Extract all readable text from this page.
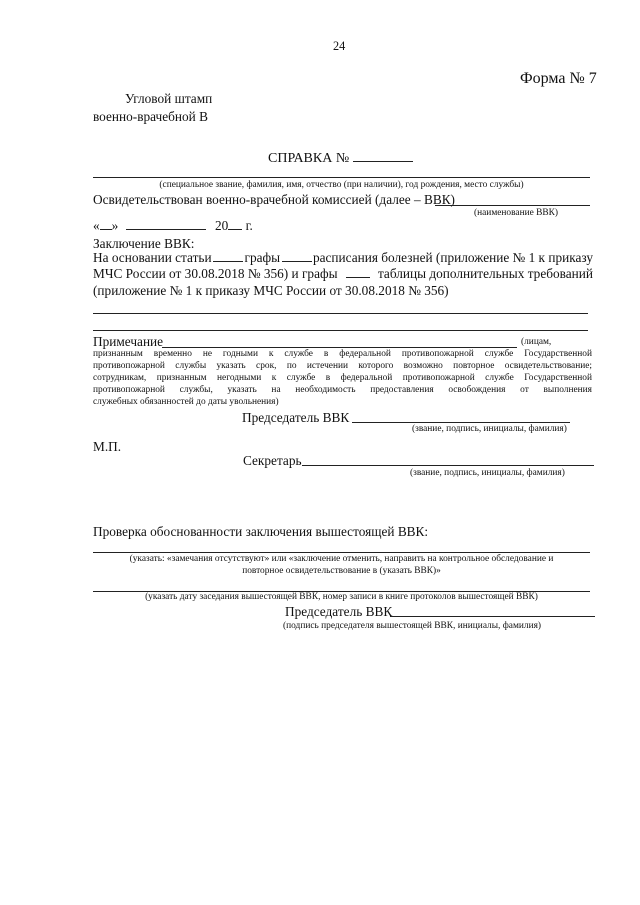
24
Форма № 7
Угловой штамп
военно-врачебной В
СПРАВКА №
(специальное звание, фамилия, имя, отчество (при наличии), год рождения, место службы)
Освидетельствован военно-врачебной комиссией (далее – ВВК)
(наименование ВВК)
« »	20 г.
Заключение ВВК:
На основании статьи графы расписания болезней (приложение № 1 к приказу
МЧС России от 30.08.2018 № 356) и графы	таблицы дополнительных требований
(приложение № 1 к приказу МЧС России от 30.08.2018 № 356)
Примечание	(лицам,
признанным временно не годными к службе в федеральной противопожарной службе Государственной
противопожарной службы указать срок, по истечении которого возможно повторное освидетельствование;
сотрудникам, признанным негодными к службе в федеральной противопожарной службе Государственной
противопожарной службы, указать на необходимость предоставления освобождения от выполнения
служебных обязанностей до даты увольнения)
Председатель ВВК
(звание, подпись, инициалы, фамилия)
М.П.
Секретарь
(звание, подпись, инициалы, фамилия)
Проверка обоснованности заключения вышестоящей ВВК:
(указать: «замечания отсутствуют» или «заключение отменить, направить на контрольное обследование и
повторное освидетельствование в (указать ВВК)»
(указать дату заседания вышестоящей ВВК, номер записи в книге протоколов вышестоящей ВВК)
Председатель ВВК
(подпись председателя вышестоящей ВВК, инициалы, фамилия)
